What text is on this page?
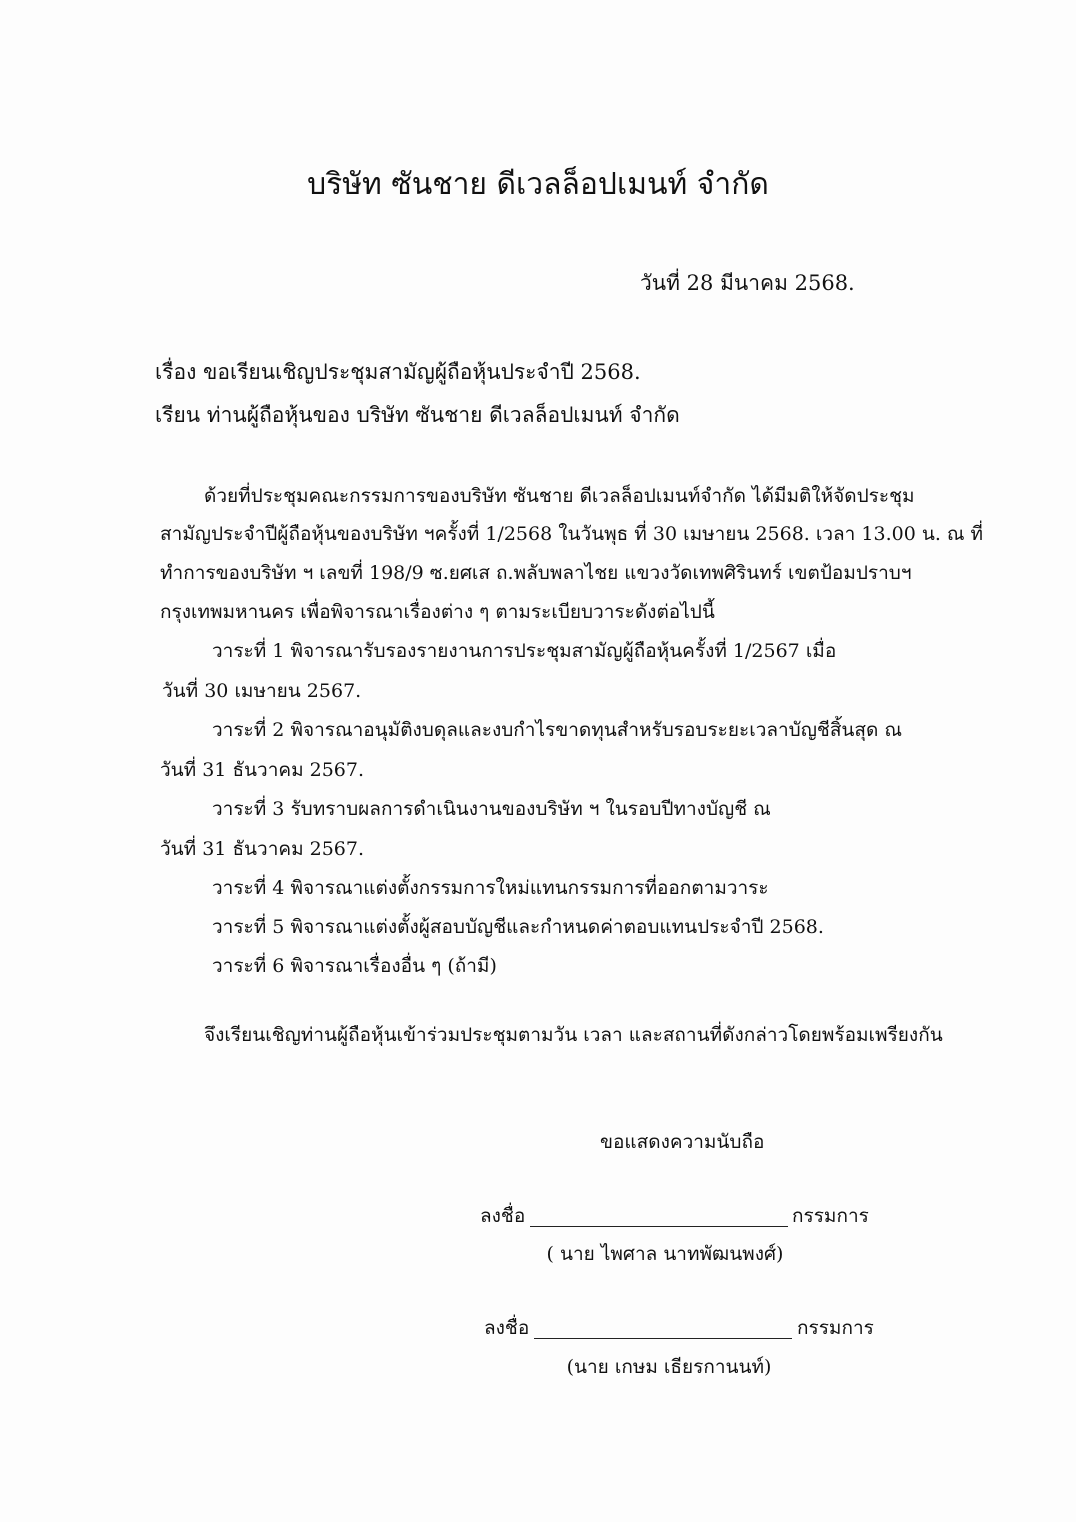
บริษัท ซันชาย ดีเวลล็อปเมนท์ จำกัด
วันที่ 28 มีนาคม 2568.
เรื่อง ขอเรียนเชิญประชุมสามัญผู้ถือหุ้นประจำปี 2568.
เรียน ท่านผู้ถือหุ้นของ บริษัท ซันชาย ดีเวลล็อปเมนท์ จำกัด
ด้วยที่ประชุมคณะกรรมการของบริษัท ซันชาย ดีเวลล็อปเมนท์จำกัด ได้มีมติให้จัดประชุม
สามัญประจำปีผู้ถือหุ้นของบริษัท ฯครั้งที่ 1/2568 ในวันพุธ ที่ 30 เมษายน 2568. เวลา 13.00 น. ณ ที่
ทำการของบริษัท ฯ เลขที่ 198/9 ซ.ยศเส ถ.พลับพลาไชย แขวงวัดเทพศิรินทร์ เขตป้อมปราบฯ
กรุงเทพมหานคร เพื่อพิจารณาเรื่องต่าง ๆ ตามระเบียบวาระดังต่อไปนี้
วาระที่ 1 พิจารณารับรองรายงานการประชุมสามัญผู้ถือหุ้นครั้งที่ 1/2567 เมื่อ
วันที่ 30 เมษายน 2567.
วาระที่ 2 พิจารณาอนุมัติงบดุลและงบกำไรขาดทุนสำหรับรอบระยะเวลาบัญชีสิ้นสุด ณ
วันที่ 31 ธันวาคม 2567.
วาระที่ 3 รับทราบผลการดำเนินงานของบริษัท ฯ ในรอบปีทางบัญชี ณ
วันที่ 31 ธันวาคม 2567.
วาระที่ 4 พิจารณาแต่งตั้งกรรมการใหม่แทนกรรมการที่ออกตามวาระ
วาระที่ 5 พิจารณาแต่งตั้งผู้สอบบัญชีและกำหนดค่าตอบแทนประจำปี 2568.
วาระที่ 6 พิจารณาเรื่องอื่น ๆ (ถ้ามี)
จึงเรียนเชิญท่านผู้ถือหุ้นเข้าร่วมประชุมตามวัน เวลา และสถานที่ดังกล่าวโดยพร้อมเพรียงกัน
ขอแสดงความนับถือ
ลงชื่อ	กรรมการ
( นาย ไพศาล นาทพัฒนพงศ์)
ลงชื่อ	กรรมการ
(นาย เกษม เธียรกานนท์)
